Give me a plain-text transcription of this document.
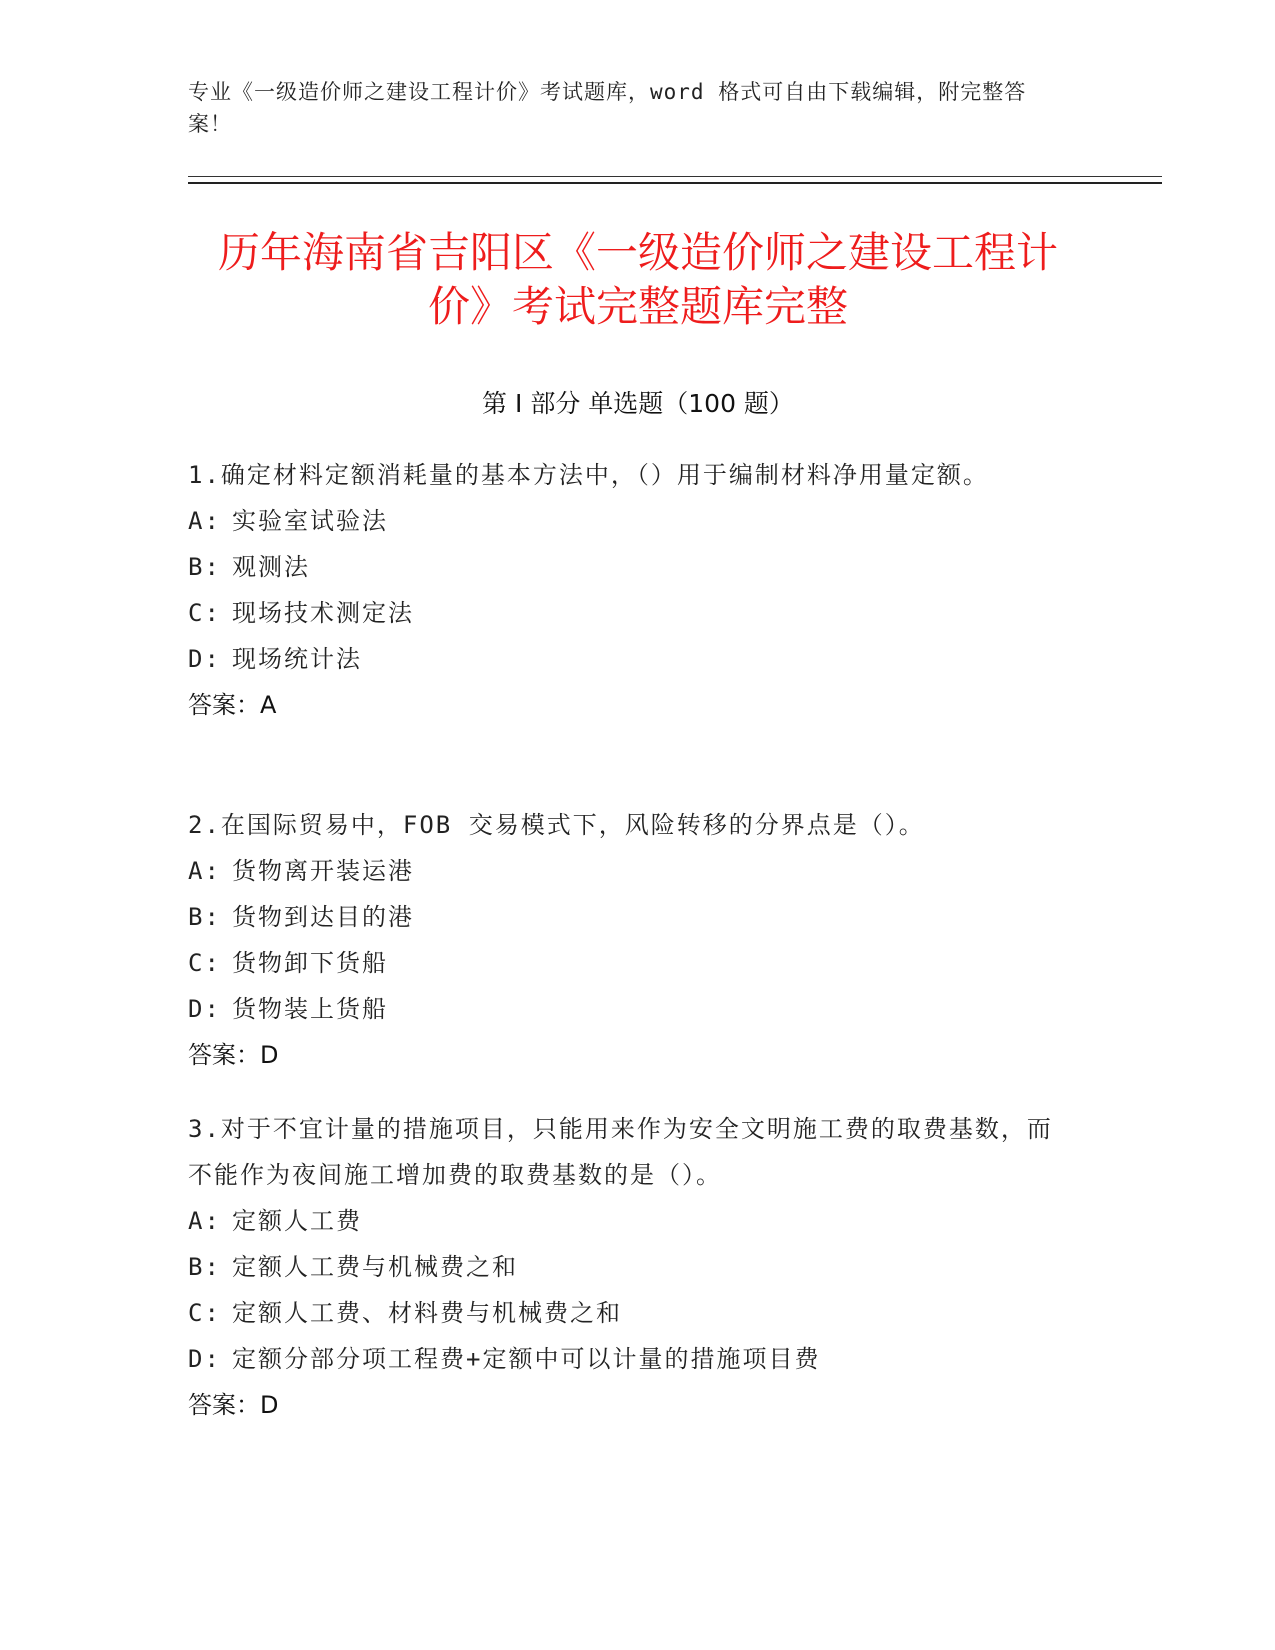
专业《一级造价师之建设工程计价》考试题库，word 格式可自由下载编辑，附完整答案！
历年海南省吉阳区《一级造价师之建设工程计价》考试完整题库完整
第 I 部分 单选题（100 题）

1.确定材料定额消耗量的基本方法中，（）用于编制材料净用量定额。

A: 实验室试验法

B: 观测法

C: 现场技术测定法

D: 现场统计法

答案：A

2.在国际贸易中，FOB 交易模式下，风险转移的分界点是（）。

A: 货物离开装运港

B: 货物到达目的港

C: 货物卸下货船

D: 货物装上货船

答案：D

3.对于不宜计量的措施项目，只能用来作为安全文明施工费的取费基数，而不能作为夜间施工增加费的取费基数的是（）。

A: 定额人工费

B: 定额人工费与机械费之和

C: 定额人工费、材料费与机械费之和

D: 定额分部分项工程费+定额中可以计量的措施项目费

答案：D
